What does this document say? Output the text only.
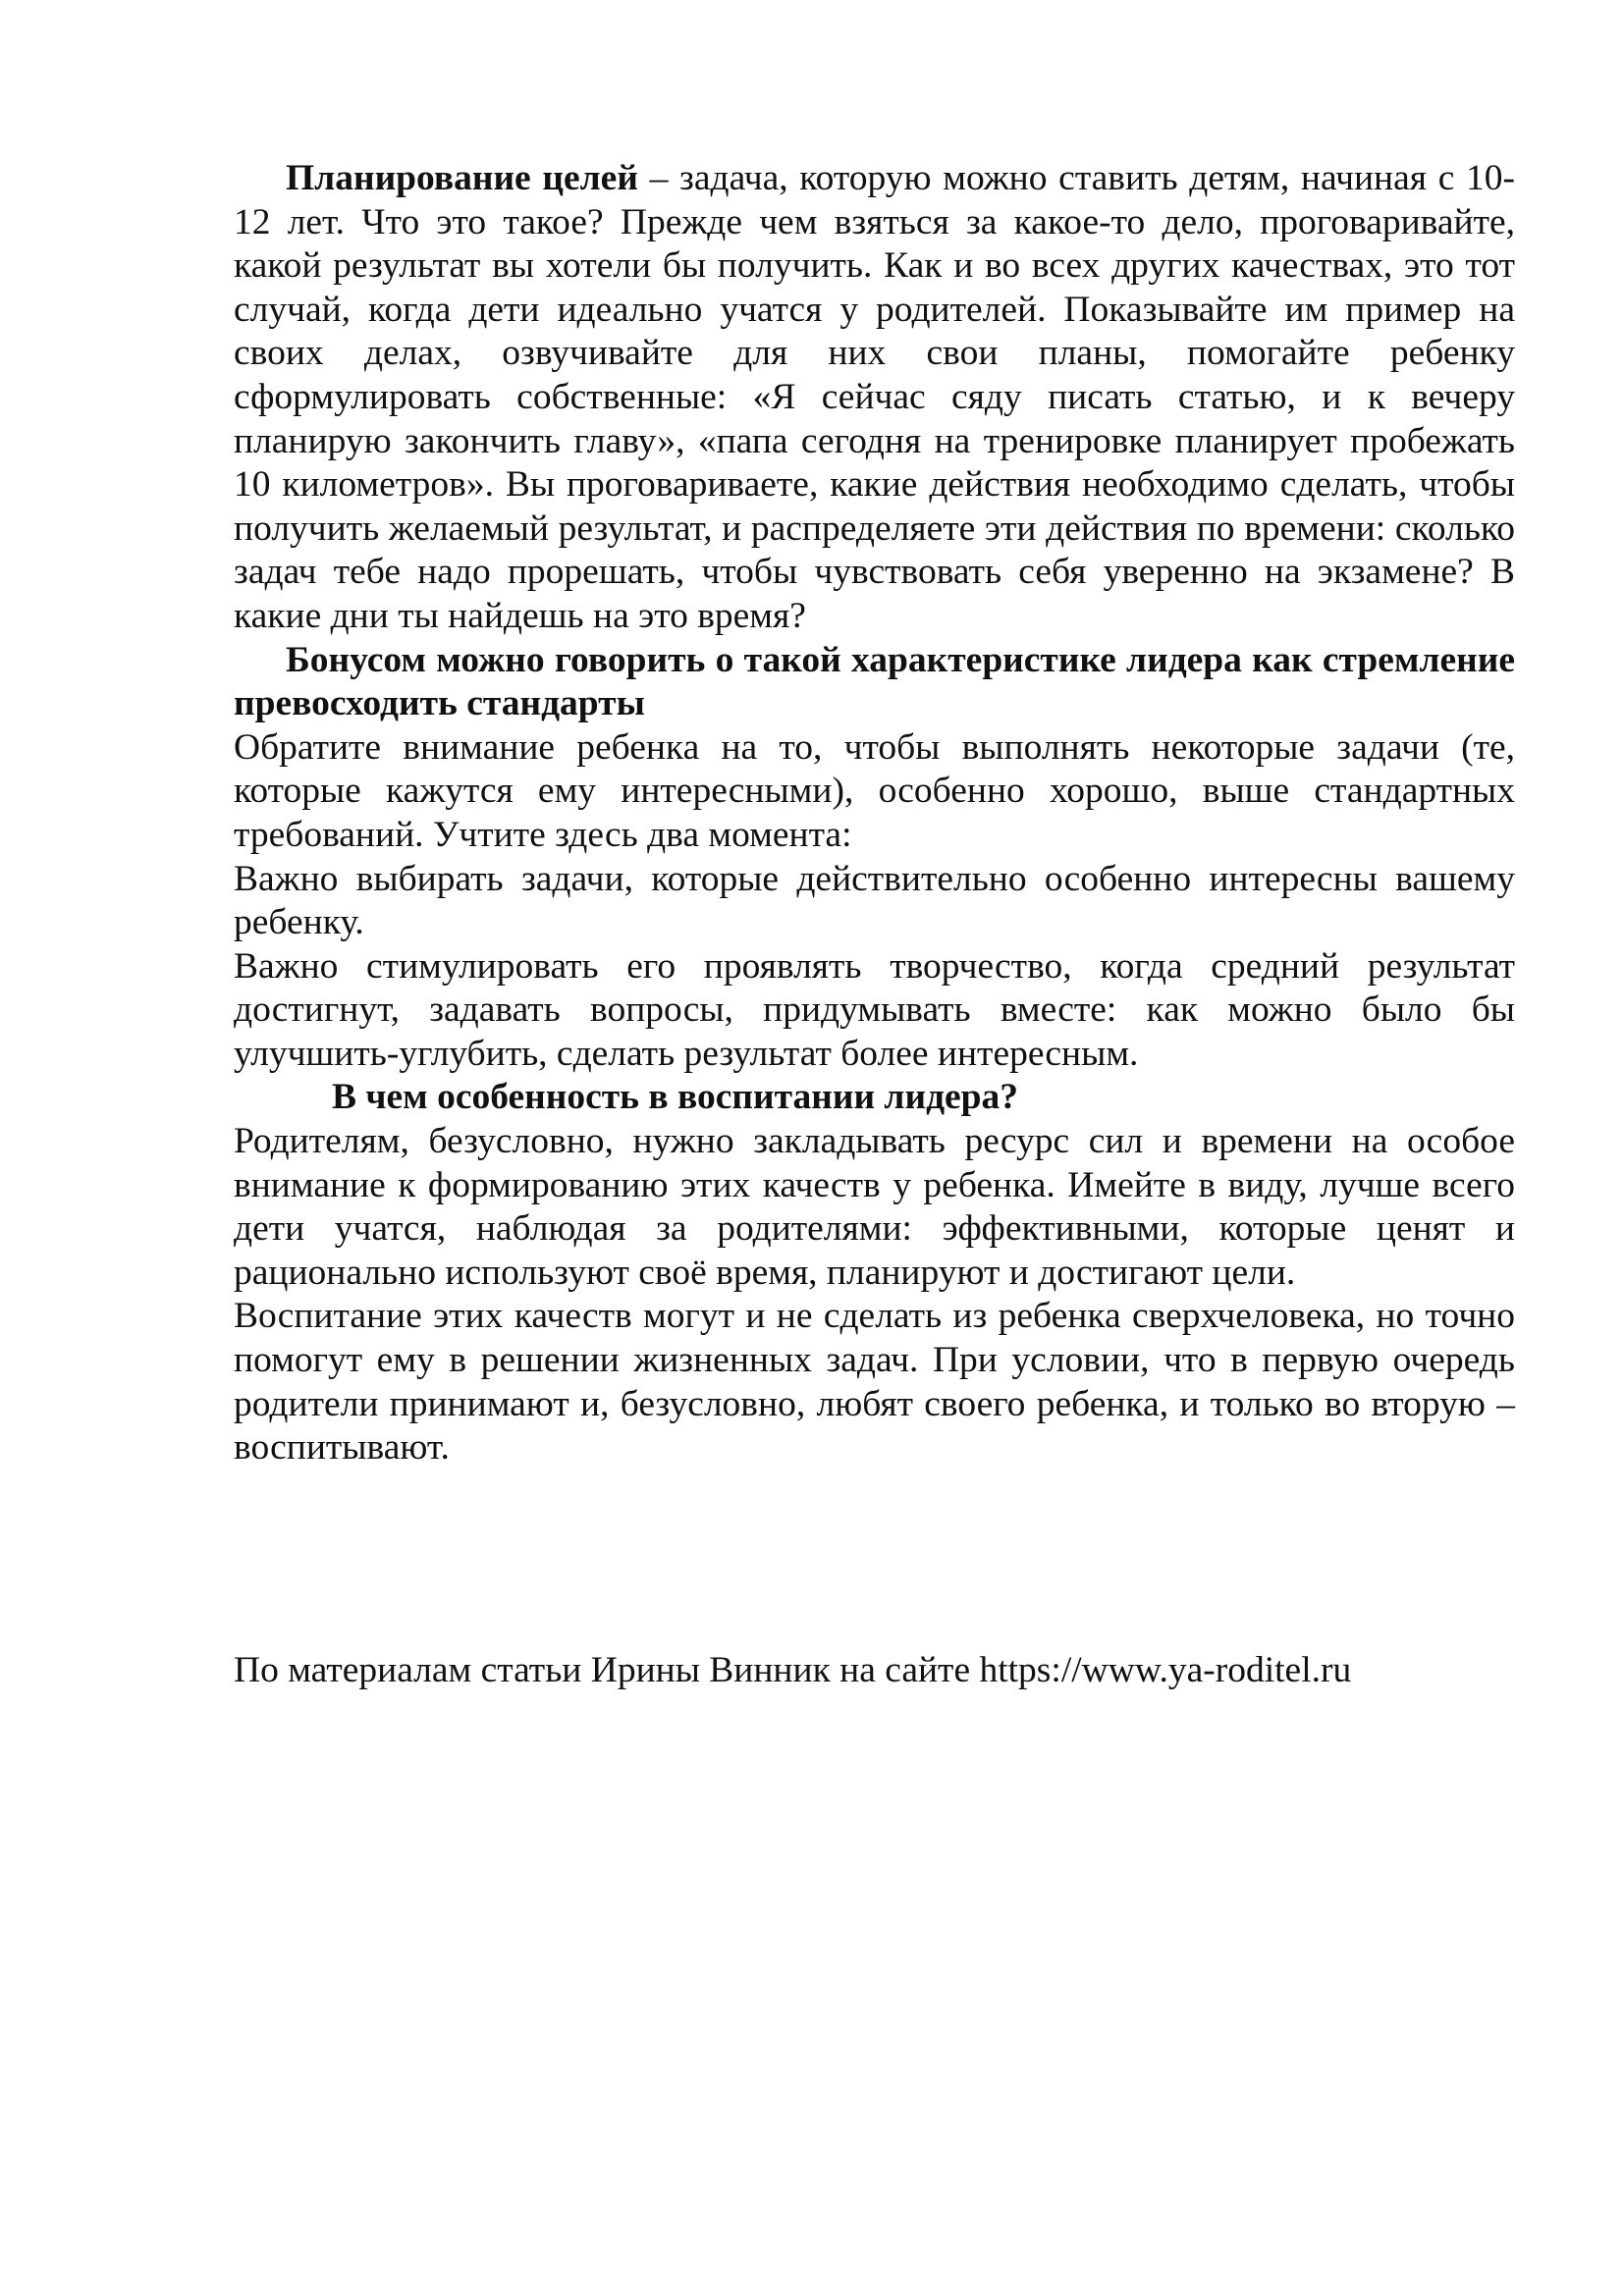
Планирование целей – задача, которую можно ставить детям, начиная с 10-12 лет. Что это такое? Прежде чем взяться за какое-то дело, проговаривайте, какой результат вы хотели бы получить. Как и во всех других качествах, это тот случай, когда дети идеально учатся у родителей. Показывайте им пример на своих делах, озвучивайте для них свои планы, помогайте ребенку сформулировать собственные: «Я сейчас сяду писать статью, и к вечеру планирую закончить главу», «папа сегодня на тренировке планирует пробежать 10 километров». Вы проговариваете, какие действия необходимо сделать, чтобы получить желаемый результат, и распределяете эти действия по времени: сколько задач тебе надо прорешать, чтобы чувствовать себя уверенно на экзамене? В какие дни ты найдешь на это время?

Бонусом можно говорить о такой характеристике лидера как стремление превосходить стандарты

Обратите внимание ребенка на то, чтобы выполнять некоторые задачи (те, которые кажутся ему интересными), особенно хорошо, выше стандартных требований. Учтите здесь два момента:

Важно выбирать задачи, которые действительно особенно интересны вашему ребенку.

Важно стимулировать его проявлять творчество, когда средний результат достигнут, задавать вопросы, придумывать вместе: как можно было бы улучшить-углубить, сделать результат более интересным.

В чем особенность в воспитании лидера?

Родителям, безусловно, нужно закладывать ресурс сил и времени на особое внимание к формированию этих качеств у ребенка. Имейте в виду, лучше всего дети учатся, наблюдая за родителями: эффективными, которые ценят и рационально используют своё время, планируют и достигают цели.

Воспитание этих качеств могут и не сделать из ребенка сверхчеловека, но точно помогут ему в решении жизненных задач. При условии, что в первую очередь родители принимают и, безусловно, любят своего ребенка, и только во вторую – воспитывают.

По материалам статьи Ирины Винник на сайте https://www.ya-roditel.ru
